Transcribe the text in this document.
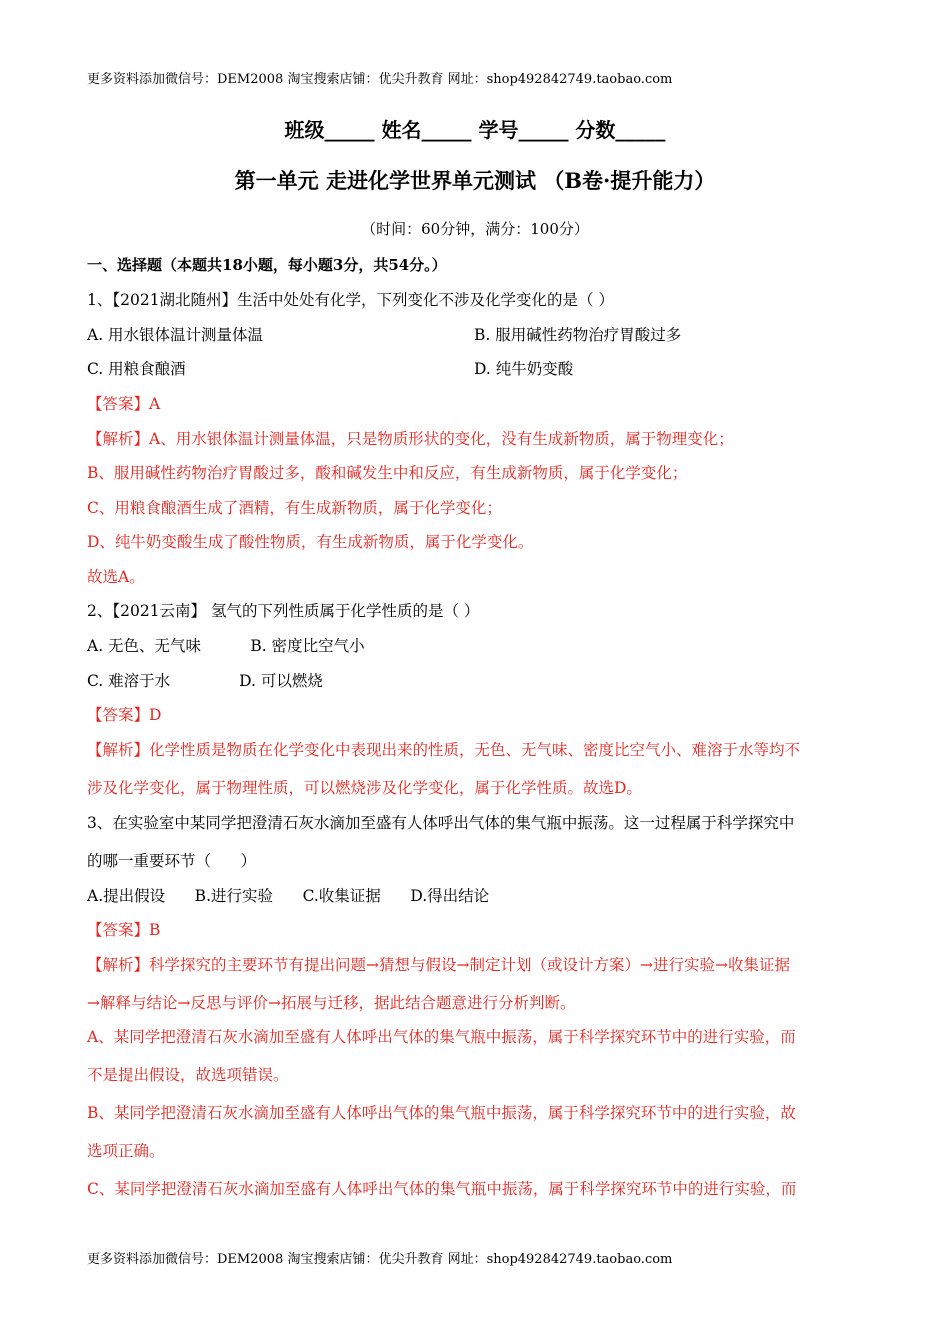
更多资料添加微信号：DEM2008 淘宝搜索店铺：优尖升教育 网址：shop492842749.taobao.com
班级_____ 姓名_____ 学号_____ 分数_____
第一单元 走进化学世界单元测试 （B卷·提升能力）
（时间：60分钟，满分：100分）
一、选择题（本题共18小题，每小题3分，共54分。）
1、【2021湖北随州】生活中处处有化学，下列变化不涉及化学变化的是（ ）
A. 用水银体温计测量体温	B. 服用碱性药物治疗胃酸过多
C. 用粮食酿酒	D. 纯牛奶变酸
【答案】A
【解析】A、用水银体温计测量体温，只是物质形状的变化，没有生成新物质，属于物理变化；
B、服用碱性药物治疗胃酸过多，酸和碱发生中和反应，有生成新物质，属于化学变化；
C、用粮食酿酒生成了酒精，有生成新物质，属于化学变化；
D、纯牛奶变酸生成了酸性物质，有生成新物质，属于化学变化。
故选A。
2、【2021云南】 氢气的下列性质属于化学性质的是（ ）
A. 无色、无气味          B. 密度比空气小
C. 难溶于水              D. 可以燃烧
【答案】D
【解析】化学性质是物质在化学变化中表现出来的性质，无色、无气味、密度比空气小、难溶于水等均不
涉及化学变化，属于物理性质，可以燃烧涉及化学变化，属于化学性质。故选D。
3、在实验室中某同学把澄清石灰水滴加至盛有人体呼出气体的集气瓶中振荡。这一过程属于科学探究中
的哪一重要环节（      ）
A.提出假设      B.进行实验      C.收集证据      D.得出结论
【答案】B
【解析】科学探究的主要环节有提出问题→猜想与假设→制定计划（或设计方案）→进行实验→收集证据
→解释与结论→反思与评价→拓展与迁移，据此结合题意进行分析判断。
A、某同学把澄清石灰水滴加至盛有人体呼出气体的集气瓶中振荡，属于科学探究环节中的进行实验，而
不是提出假设，故选项错误。
B、某同学把澄清石灰水滴加至盛有人体呼出气体的集气瓶中振荡，属于科学探究环节中的进行实验，故
选项正确。
C、某同学把澄清石灰水滴加至盛有人体呼出气体的集气瓶中振荡，属于科学探究环节中的进行实验，而
更多资料添加微信号：DEM2008 淘宝搜索店铺：优尖升教育 网址：shop492842749.taobao.com
